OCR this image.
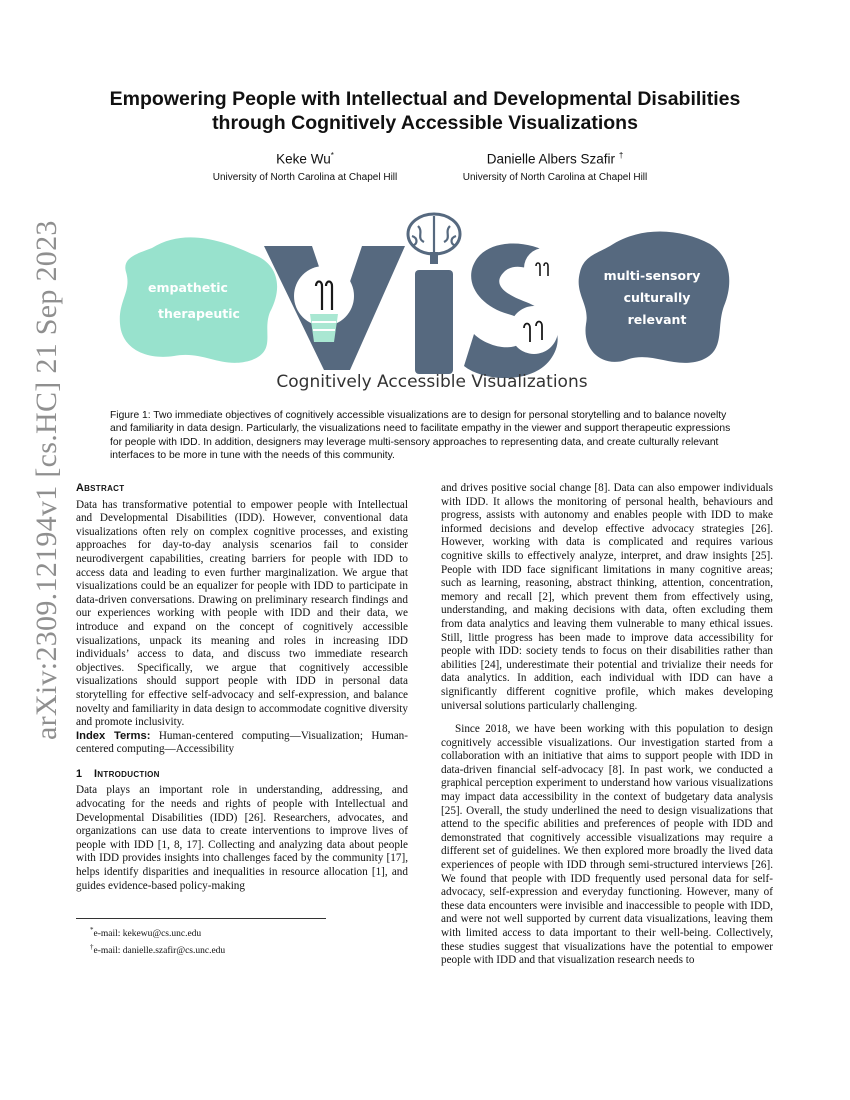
arXiv:2309.12194v1 [cs.HC] 21 Sep 2023
Empowering People with Intellectual and Developmental Disabilities
through Cognitively Accessible Visualizations
Keke Wu*
University of North Carolina at Chapel Hill
Danielle Albers Szafir †
University of North Carolina at Chapel Hill
empathetic
therapeutic
multi-sensory
culturally
relevant
Cognitively Accessible Visualizations
Figure 1: Two immediate objectives of cognitively accessible visualizations are to design for personal storytelling and to balance novelty and familiarity in data design. Particularly, the visualizations need to facilitate empathy in the viewer and support therapeutic expressions for people with IDD. In addition, designers may leverage multi-sensory approaches to representing data, and create culturally relevant interfaces to be more in tune with the needs of this community.
Abstract

Data has transformative potential to empower people with Intellectual and Developmental Disabilities (IDD). However, conventional data visualizations often rely on complex cognitive processes, and existing approaches for day-to-day analysis scenarios fail to consider neurodivergent capabilities, creating barriers for people with IDD to access data and leading to even further marginalization. We argue that visualizations could be an equalizer for people with IDD to participate in data-driven conversations. Drawing on preliminary research findings and our experiences working with people with IDD and their data, we introduce and expand on the concept of cognitively accessible visualizations, unpack its meaning and roles in increasing IDD individuals’ access to data, and discuss two immediate research objectives. Specifically, we argue that cognitively accessible visualizations should support people with IDD in personal data storytelling for effective self-advocacy and self-expression, and balance novelty and familiarity in data design to accommodate cognitive diversity and promote inclusivity.

Index Terms: Human-centered computing—Visualization; Human-centered computing—Accessibility

1 Introduction

Data plays an important role in understanding, addressing, and advocating for the needs and rights of people with Intellectual and Developmental Disabilities (IDD) [26]. Researchers, advocates, and organizations can use data to create interventions to improve lives of people with IDD [1, 8, 17]. Collecting and analyzing data about people with IDD provides insights into challenges faced by the community [17], helps identify disparities and inequalities in resource allocation [1], and guides evidence-based policy-making

*e-mail: kekewu@cs.unc.edu
†e-mail: danielle.szafir@cs.unc.edu

and drives positive social change [8]. Data can also empower individuals with IDD. It allows the monitoring of personal health, behaviours and progress, assists with autonomy and enables people with IDD to make informed decisions and develop effective advocacy strategies [26]. However, working with data is complicated and requires various cognitive skills to effectively analyze, interpret, and draw insights [25]. People with IDD face significant limitations in many cognitive areas; such as learning, reasoning, abstract thinking, attention, concentration, memory and recall [2], which prevent them from effectively using, understanding, and making decisions with data, often excluding them from data analytics and leaving them vulnerable to many ethical issues. Still, little progress has been made to improve data accessibility for people with IDD: society tends to focus on their disabilities rather than abilities [24], underestimate their potential and trivialize their needs for data analytics. In addition, each individual with IDD can have a significantly different cognitive profile, which makes developing universal solutions particularly challenging.

Since 2018, we have been working with this population to design cognitively accessible visualizations. Our investigation started from a collaboration with an initiative that aims to support people with IDD in data-driven financial self-advocacy [8]. In past work, we conducted a graphical perception experiment to understand how various visualizations may impact data accessibility in the context of budgetary data analysis [25]. Overall, the study underlined the need to design visualizations that attend to the specific abilities and preferences of people with IDD and demonstrated that cognitively accessible visualizations may require a different set of guidelines. We then explored more broadly the lived data experiences of people with IDD through semi-structured interviews [26]. We found that people with IDD frequently used personal data for self-advocacy, self-expression and everyday functioning. However, many of these data encounters were invisible and inaccessible to people with IDD, and were not well supported by current data visualizations, leaving them with limited access to data important to their well-being. Collectively, these studies suggest that visualizations have the potential to empower people with IDD and that visualization research needs to
